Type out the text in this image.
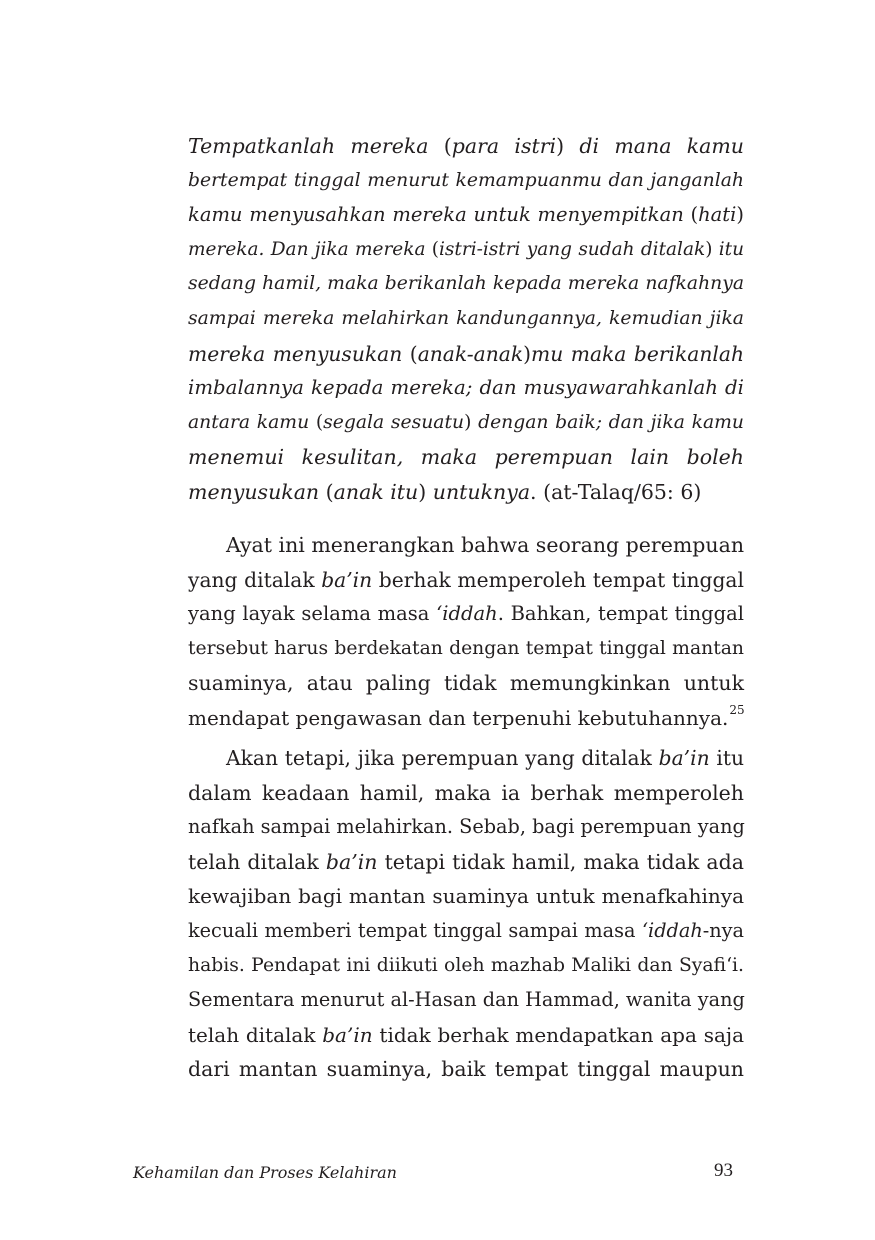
Tempatkanlah mereka (para istri) di mana kamu
bertempat tinggal menurut kemampuanmu dan janganlah
kamu menyusahkan mereka untuk menyempitkan (hati)
mereka. Dan jika mereka (istri-istri yang sudah ditalak) itu
sedang hamil, maka berikanlah kepada mereka nafkahnya
sampai mereka melahirkan kandungannya, kemudian jika
mereka menyusukan (anak-anak)mu maka berikanlah
imbalannya kepada mereka; dan musyawarahkanlah di
antara kamu (segala sesuatu) dengan baik; dan jika kamu
menemui kesulitan, maka perempuan lain boleh
menyusukan (anak itu) untuknya. (at-Talaq/65: 6)
Ayat ini menerangkan bahwa seorang perempuan
yang ditalak ba’in berhak memperoleh tempat tinggal
yang layak selama masa ‘iddah. Bahkan, tempat tinggal
tersebut harus berdekatan dengan tempat tinggal mantan
suaminya, atau paling tidak memungkinkan untuk
mendapat pengawasan dan terpenuhi kebutuhannya.$^{25}$
Akan tetapi, jika perempuan yang ditalak ba’in itu
dalam keadaan hamil, maka ia berhak memperoleh
nafkah sampai melahirkan. Sebab, bagi perempuan yang
telah ditalak ba’in tetapi tidak hamil, maka tidak ada
kewajiban bagi mantan suaminya untuk menafkahinya
kecuali memberi tempat tinggal sampai masa ‘iddah-nya
habis. Pendapat ini diikuti oleh mazhab Maliki dan Syafi‘i.
Sementara menurut al-Hasan dan Hammad, wanita yang
telah ditalak ba’in tidak berhak mendapatkan apa saja
dari mantan suaminya, baik tempat tinggal maupun
Kehamilan dan Proses Kelahiran	93
